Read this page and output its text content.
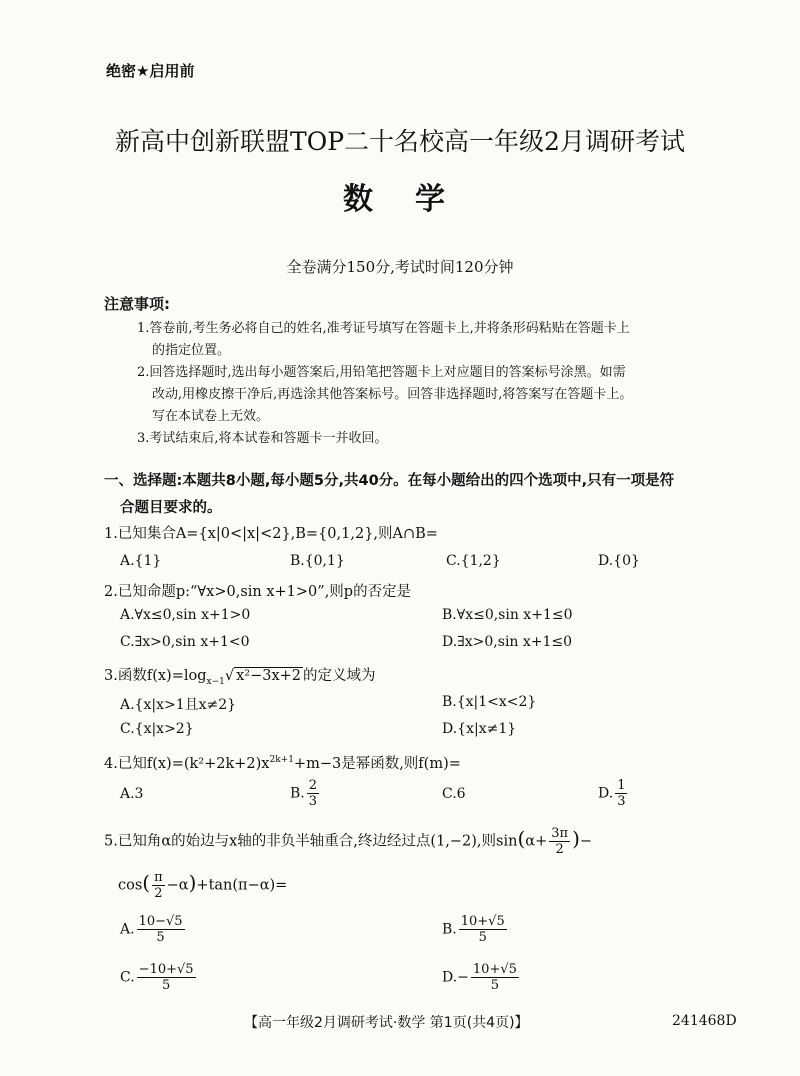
绝密★启用前
新高中创新联盟TOP二十名校高一年级2月调研考试
数学
全卷满分150分,考试时间120分钟
注意事项:
1.答卷前,考生务必将自己的姓名,准考证号填写在答题卡上,并将条形码粘贴在答题卡上
的指定位置。
2.回答选择题时,选出每小题答案后,用铅笔把答题卡上对应题目的答案标号涂黑。如需
改动,用橡皮擦干净后,再选涂其他答案标号。回答非选择题时,将答案写在答题卡上。
写在本试卷上无效。
3.考试结束后,将本试卷和答题卡一并收回。
一、选择题:本题共8小题,每小题5分,共40分。在每小题给出的四个选项中,只有一项是符
合题目要求的。
1.已知集合A={x|0<|x|<2},B={0,1,2},则A∩B=
A.{1}	B.{0,1}	C.{1,2}	D.{0}
2.已知命题p:“∀x>0,sin x+1>0”,则p的否定是
A.∀x≤0,sin x+1>0	B.∀x≤0,sin x+1≤0
C.∃x>0,sin x+1<0	D.∃x>0,sin x+1≤0
3.函数$f(x)=\log_{x-1}√$ x²−3x+2 的定义域为
A.{x|x>1且x≠2}	B.{x|1<x<2}
C.{x|x>2}	D.{x|x≠1}
4.已知$f(x)=(k^2+2k+2)x^{2k+1}+m-3$是幂函数,则f(m)=
A.3	B. $\frac{2}{3}$	C.6	D. $\frac{1}{3}$
5.已知角α的始边与x轴的非负半轴重合,终边经过点(1,−2),则$\sin(\alpha+ \frac{3\pi}{2}$ )−
$\cos( \frac{\pi}{2} -\alpha)+\tan(\pi-\alpha)=$
A. $\frac{10-√5}{5}$	B. $\frac{10+√5}{5}$
C. $\frac{-10+√5}{5}$	$D.- \frac{10+√5}{5}$
【高一年级2月调研考试·数学 第1页(共4页)】	241468D
